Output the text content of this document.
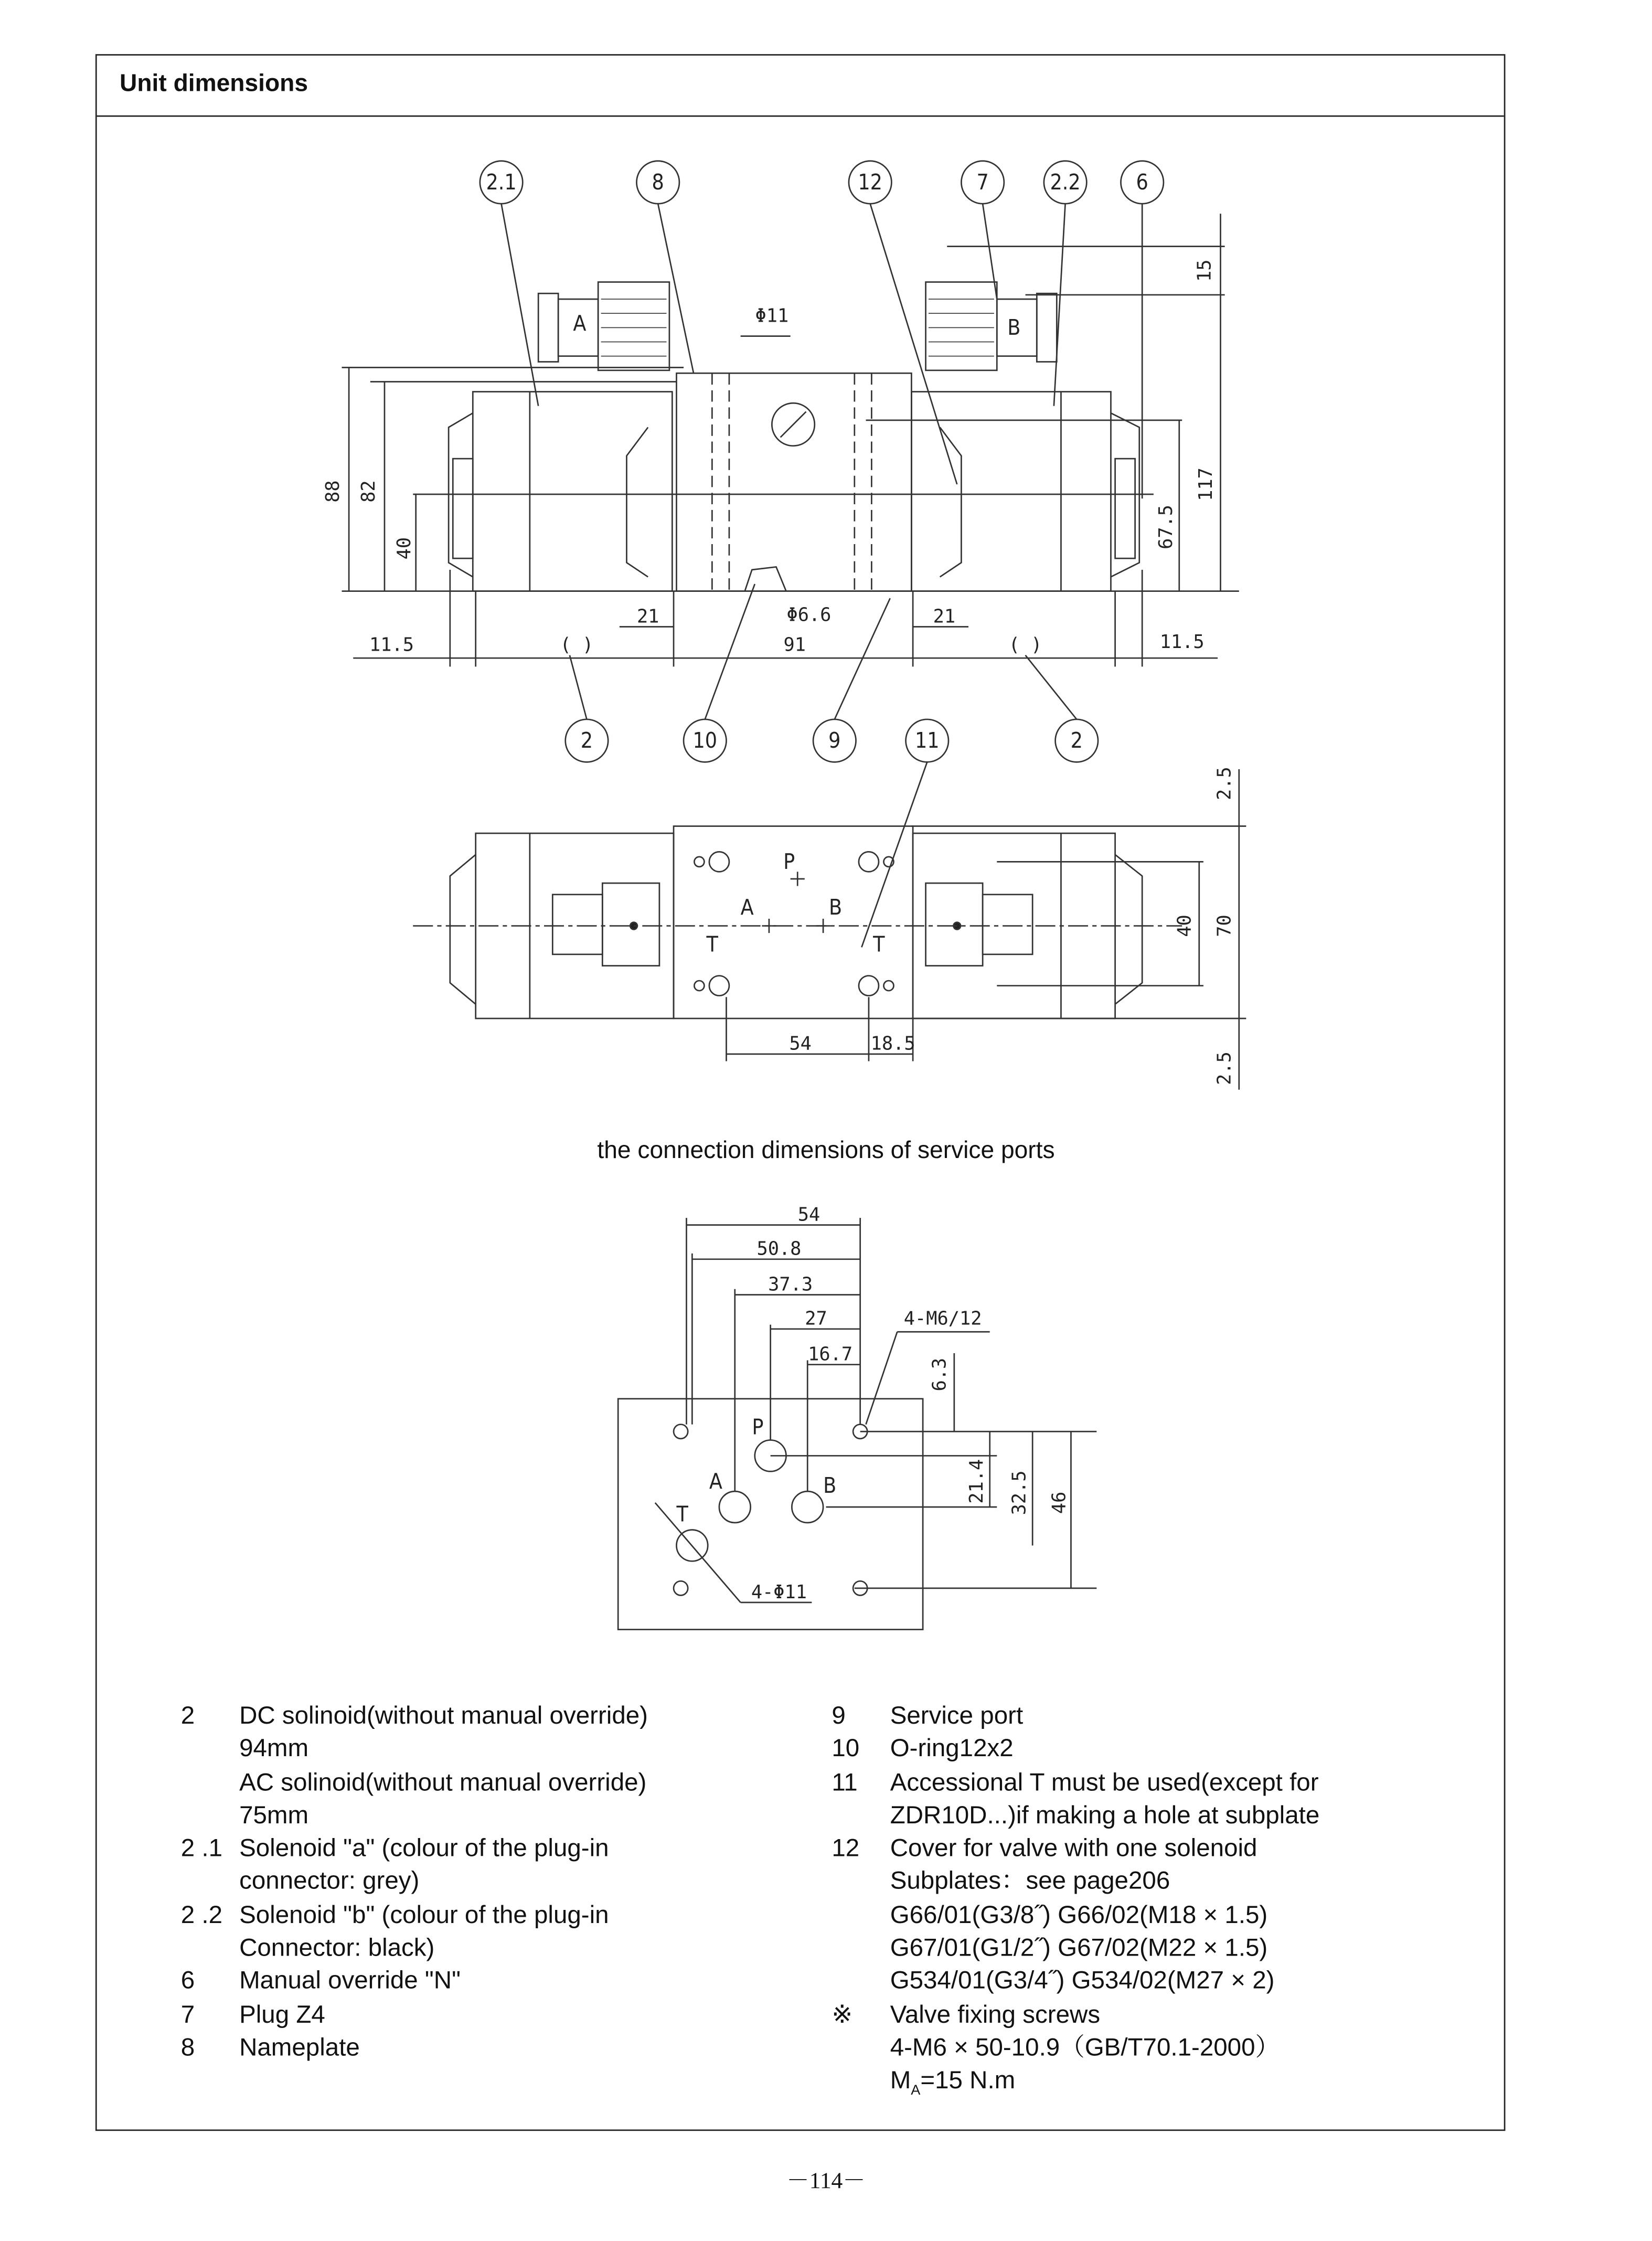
Unit dimensions
2.1	8	12	7	2.2	6
2	10	9	11	2
A	B
88 82
40
11.5
21
91
21
11.5
15
67.5
117
Φ11
Φ6.6
( )	( )
P
A	B
T	T
54	18.5
40	70
2.5
2.5
54
50.8
37.3
27
16.7
4-M6/12
6.3
21.4	32.5	46
4-Φ11
P
A	B
T
the connection dimensions of service ports
2	DC solinoid(without manual override)
94mm
AC solinoid(without manual override)
75mm
2 .1	Solenoid "a" (colour of the plug-in
connector: grey)
2 .2	Solenoid "b" (colour of the plug-in
Connector: black)
6	Manual override "N"
7	Plug Z4
8	Nameplate
9	Service port
10	O-ring12x2
11	Accessional T must be used(except for
ZDR10D...)if making a hole at subplate
12	Cover for valve with one solenoid
Subplates：see page206
G66/01(G3/8˝) G66/02(M18 × 1.5)
G67/01(G1/2˝) G67/02(M22 × 1.5)
G534/01(G3/4˝) G534/02(M27 × 2)
※	Valve fixing screws
4-M6 × 50-10.9（GB/T70.1-2000）
$M_A=15$ N.m
－114－
